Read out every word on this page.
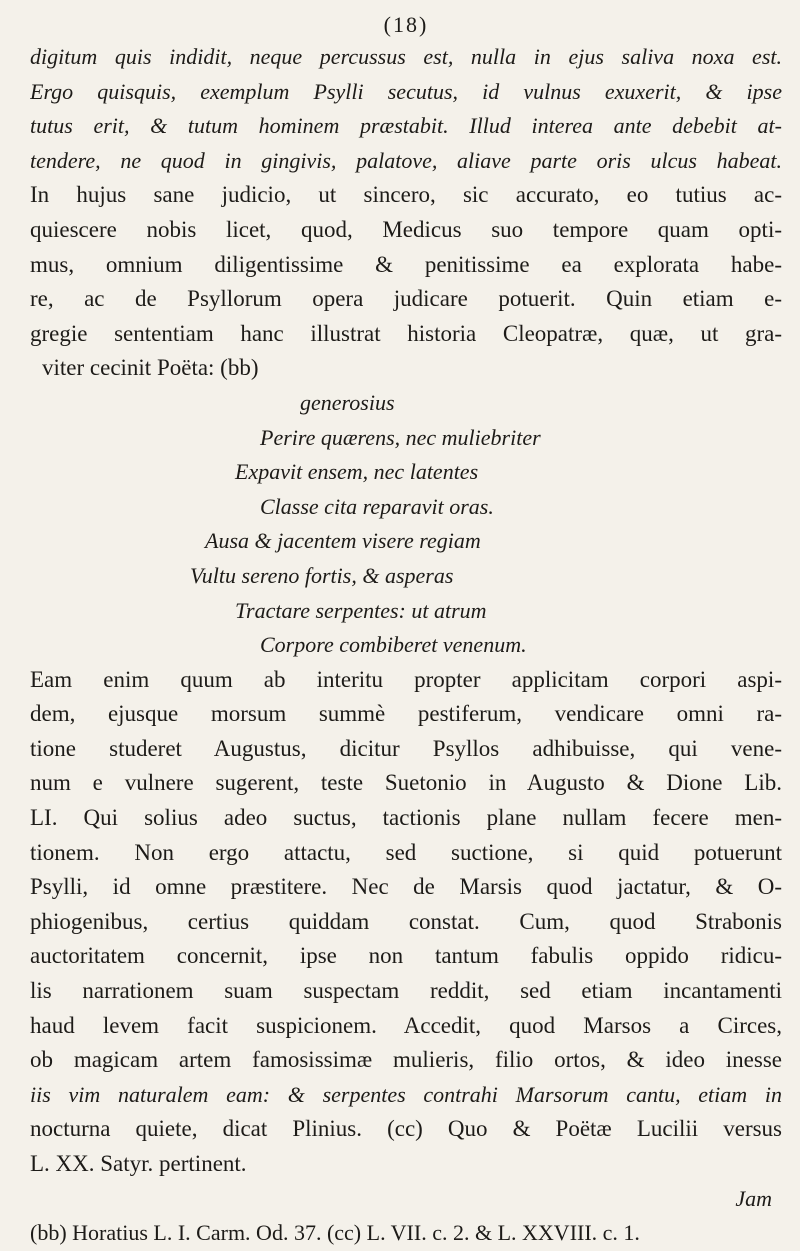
(18)
digitum quis indidit, neque percussus est, nulla in ejus saliva noxa est.
Ergo quisquis, exemplum Psylli secutus, id vulnus exuxerit, & ipse
tutus erit, & tutum hominem præstabit. Illud interea ante debebit at-
tendere, ne quod in gingivis, palatove, aliave parte oris ulcus habeat.
In hujus sane judicio, ut sincero, sic accurato, eo tutius ac-
quiescere nobis licet, quod, Medicus suo tempore quam opti-
mus, omnium diligentissime & penitissime ea explorata habe-
re, ac de Psyllorum opera judicare potuerit. Quin etiam e-
gregie sententiam hanc illustrat historia Cleopatræ, quæ, ut gra-
viter cecinit Poëta: (bb)
generosius
Perire quærens, nec muliebriter
Expavit ensem, nec latentes
Classe cita reparavit oras.
Ausa & jacentem visere regiam
Vultu sereno fortis, & asperas
Tractare serpentes: ut atrum
Corpore combiberet venenum.
Eam enim quum ab interitu propter applicitam corpori aspi-
dem, ejusque morsum summè pestiferum, vendicare omni ra-
tione studeret Augustus, dicitur Psyllos adhibuisse, qui vene-
num e vulnere sugerent, teste Suetonio in Augusto & Dione Lib.
LI. Qui solius adeo suctus, tactionis plane nullam fecere men-
tionem. Non ergo attactu, sed suctione, si quid potuerunt
Psylli, id omne præstitere. Nec de Marsis quod jactatur, & O-
phiogenibus, certius quiddam constat. Cum, quod Strabonis
auctoritatem concernit, ipse non tantum fabulis oppido ridicu-
lis narrationem suam suspectam reddit, sed etiam incantamenti
haud levem facit suspicionem. Accedit, quod Marsos a Circes,
ob magicam artem famosissimæ mulieris, filio ortos, & ideo inesse
iis vim naturalem eam: & serpentes contrahi Marsorum cantu, etiam in
nocturna quiete, dicat Plinius. (cc) Quo & Poëtæ Lucilii versus
L. XX. Satyr. pertinent.
Jam
(bb) Horatius L. I. Carm. Od. 37. (cc) L. VII. c. 2. & L. XXVIII. c. 1.
